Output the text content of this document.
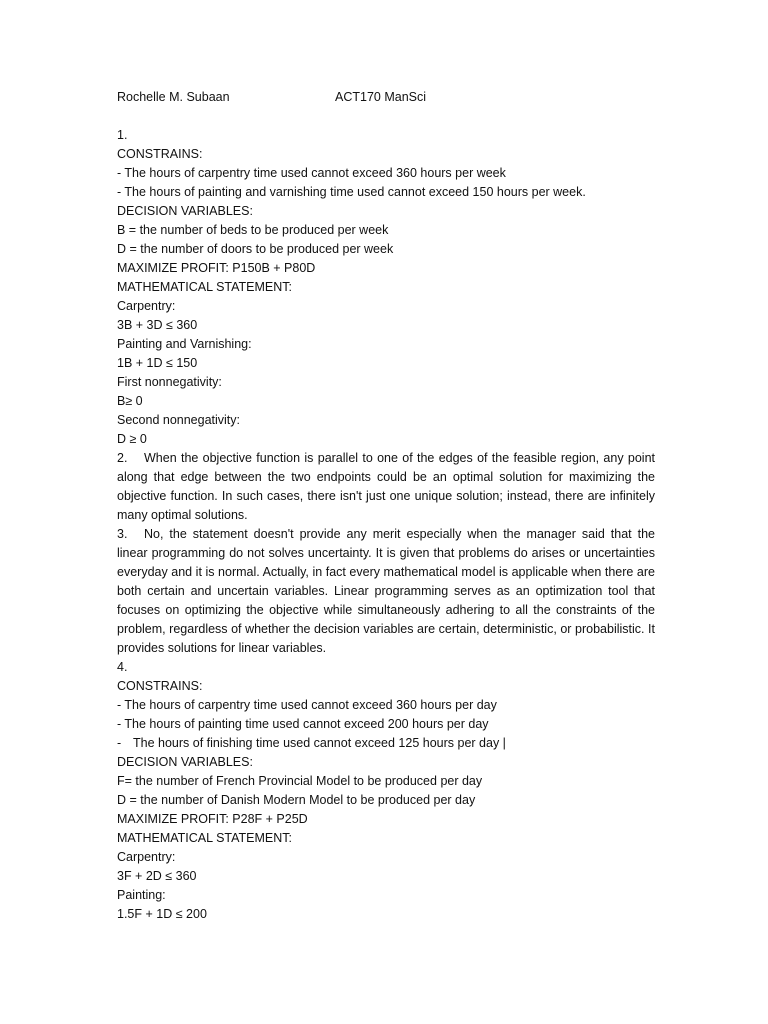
Rochelle M. Subaan	ACT170 ManSci
1.
CONSTRAINS:
- The hours of carpentry time used cannot exceed 360 hours per week
- The hours of painting and varnishing time used cannot exceed 150 hours per week.
DECISION VARIABLES:
B = the number of beds to be produced per week
D = the number of doors to be produced per week
MAXIMIZE PROFIT: P150B + P80D
MATHEMATICAL STATEMENT:
Carpentry:
3B + 3D ≤ 360
Painting and Varnishing:
1B + 1D ≤ 150
First nonnegativity:
B≥ 0
Second nonnegativity:
D ≥ 0
2. When the objective function is parallel to one of the edges of the feasible region, any point along that edge between the two endpoints could be an optimal solution for maximizing the objective function. In such cases, there isn't just one unique solution; instead, there are infinitely many optimal solutions.
3. No, the statement doesn't provide any merit especially when the manager said that the linear programming do not solves uncertainty. It is given that problems do arises or uncertainties everyday and it is normal. Actually, in fact every mathematical model is applicable when there are both certain and uncertain variables. Linear programming serves as an optimization tool that focuses on optimizing the objective while simultaneously adhering to all the constraints of the problem, regardless of whether the decision variables are certain, deterministic, or probabilistic. It provides solutions for linear variables.
4.
CONSTRAINS:
- The hours of carpentry time used cannot exceed 360 hours per day
- The hours of painting time used cannot exceed 200 hours per day
- The hours of finishing time used cannot exceed 125 hours per day |
DECISION VARIABLES:
F= the number of French Provincial Model to be produced per day
D = the number of Danish Modern Model to be produced per day
MAXIMIZE PROFIT: P28F + P25D
MATHEMATICAL STATEMENT:
Carpentry:
3F + 2D ≤ 360
Painting:
1.5F + 1D ≤ 200
